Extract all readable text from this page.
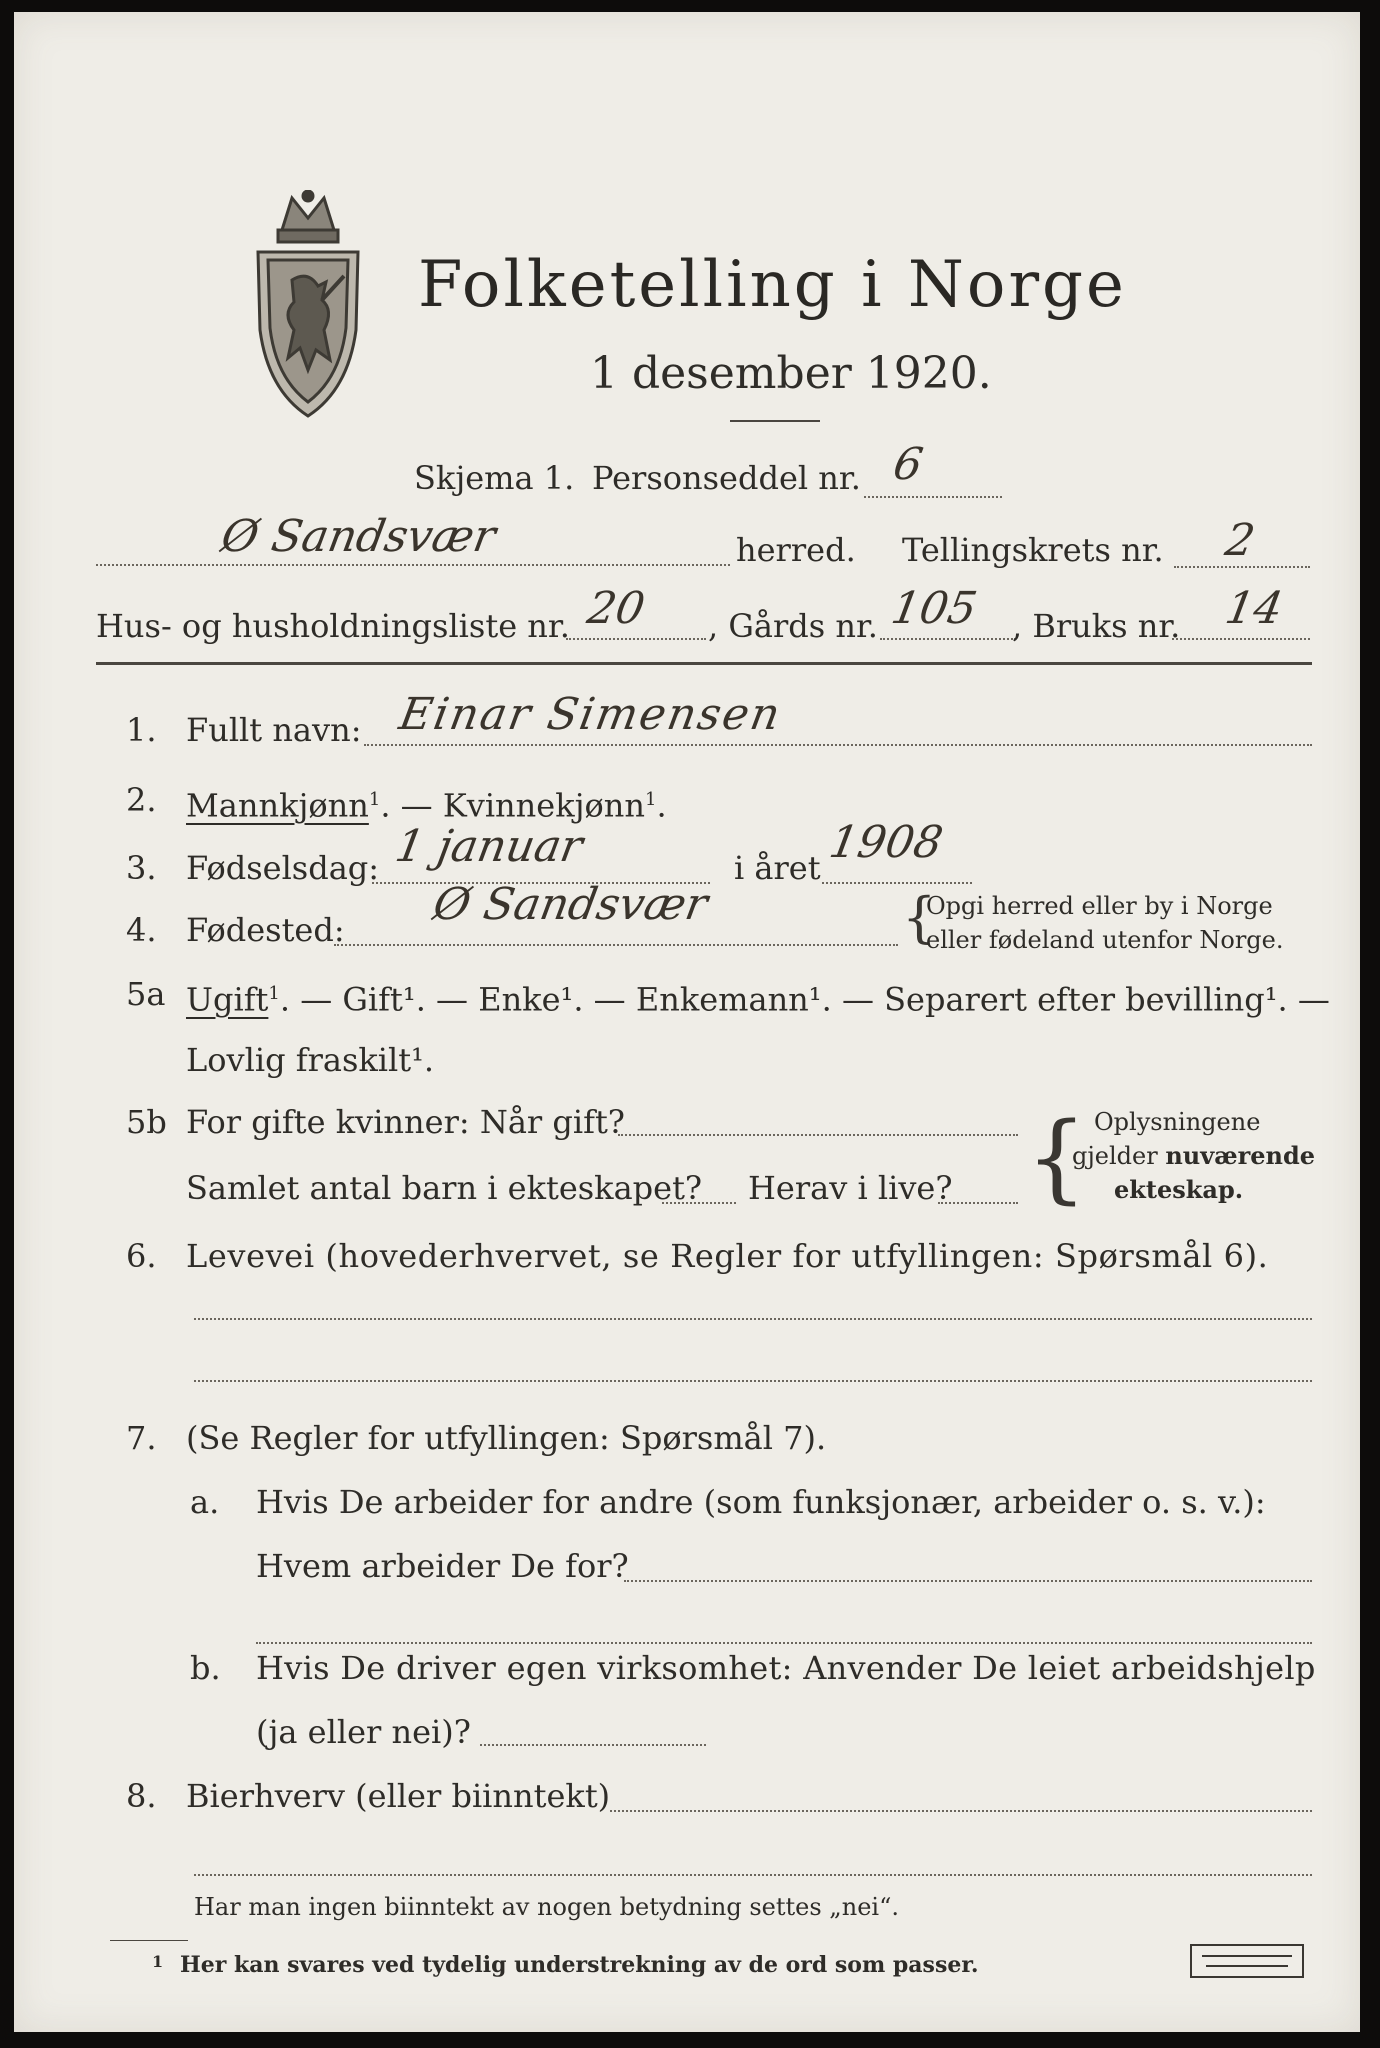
Folketelling i Norge
1 desember 1920.
Skjema 1. Personseddel nr. 6
Ø Sandsvær	herred. Tellingskrets nr. 2
Hus- og husholdningsliste nr. 20 , Gårds nr. 105 , Bruks nr. 14
1. Fullt navn: Einar Simensen
2. Mannkjønn$^1$. — Kvinnekjønn$^1$.
3. Fødselsdag: 1 januar	i året 1908
4. Fødested: Ø Sandsvær	{
Opgi herred eller by i Norge
eller fødeland utenfor Norge.
5a Ugift$^1$. — Gift¹. — Enke¹. — Enkemann¹. — Separert efter bevilling¹. —
Lovlig fraskilt¹.
5b For gifte kvinner: Når gift?
Samlet antal barn i ekteskapet? Herav i live? { Oplysningene
gjelder nuværende
ekteskap.
6. Levevei (hovederhvervet, se Regler for utfyllingen: Spørsmål 6).
7. (Se Regler for utfyllingen: Spørsmål 7).
a. Hvis De arbeider for andre (som funksjonær, arbeider o. s. v.):
Hvem arbeider De for?
b. Hvis De driver egen virksomhet: Anvender De leiet arbeidshjelp
(ja eller nei)?
8. Bierhverv (eller biinntekt)
Har man ingen biinntekt av nogen betydning settes „nei“.
1 Her kan svares ved tydelig understrekning av de ord som passer.
